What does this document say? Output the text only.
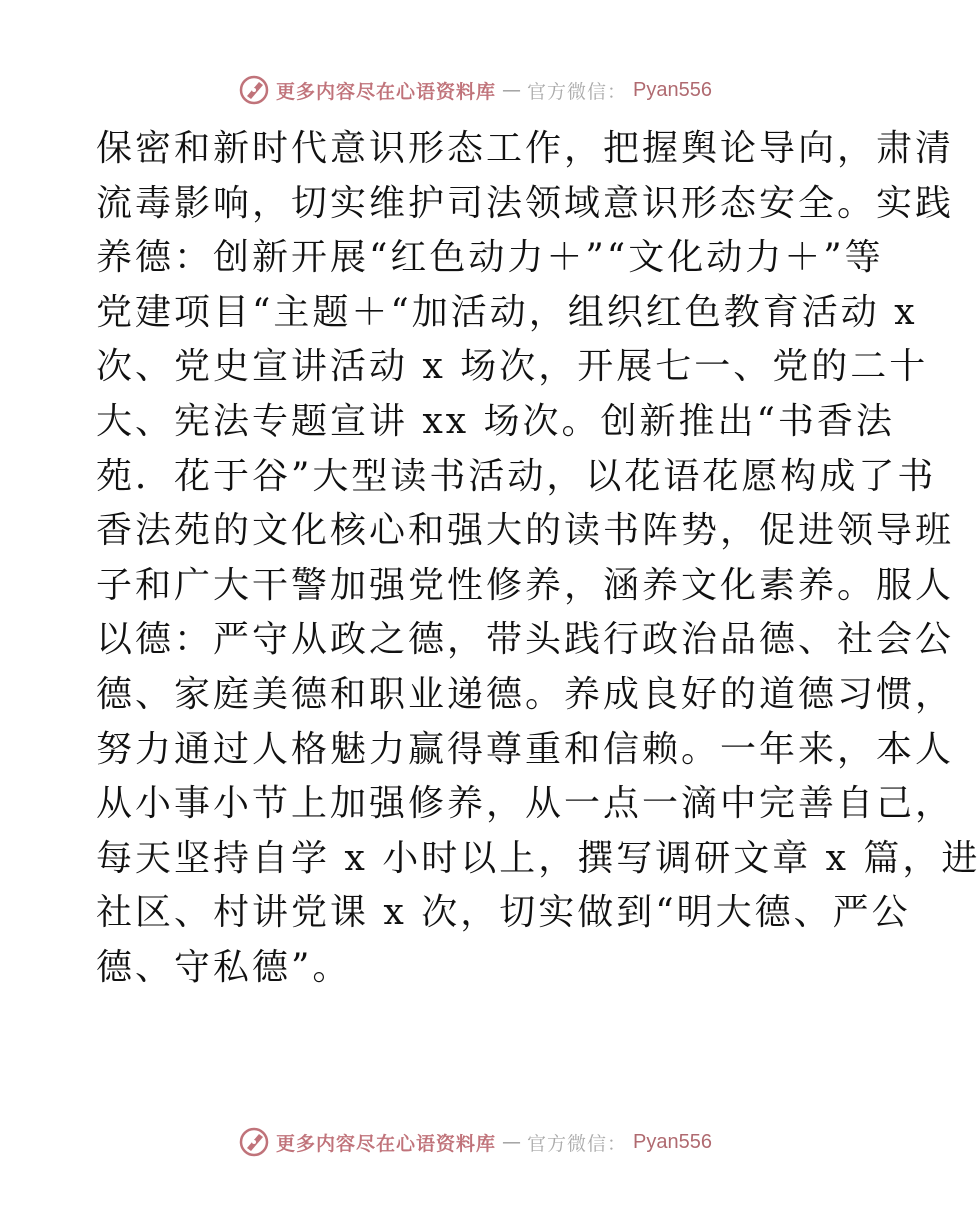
更多内容尽在心语资料库 — 官方微信： Pyan556
保密和新时代意识形态工作，把握舆论导向，肃清
流毒影响，切实维护司法领域意识形态安全。实践
养德：创新开展“红色动力＋”“文化动力＋”等
党建项目“主题＋“加活动，组织红色教育活动 x
次、党史宣讲活动 x 场次，开展七一、党的二十
大、宪法专题宣讲 xx 场次。创新推出“书香法
苑．花于谷”大型读书活动，以花语花愿构成了书
香法苑的文化核心和强大的读书阵势，促进领导班
子和广大干警加强党性修养，涵养文化素养。服人
以德：严守从政之德，带头践行政治品德、社会公
德、家庭美德和职业递德。养成良好的道德习惯，
努力通过人格魅力赢得尊重和信赖。一年来，本人
从小事小节上加强修养，从一点一滴中完善自己，
每天坚持自学 x 小时以上，撰写调研文章 x 篇，进
社区、村讲党课 x 次，切实做到“明大德、严公
德、守私德”。
更多内容尽在心语资料库 — 官方微信： Pyan556
